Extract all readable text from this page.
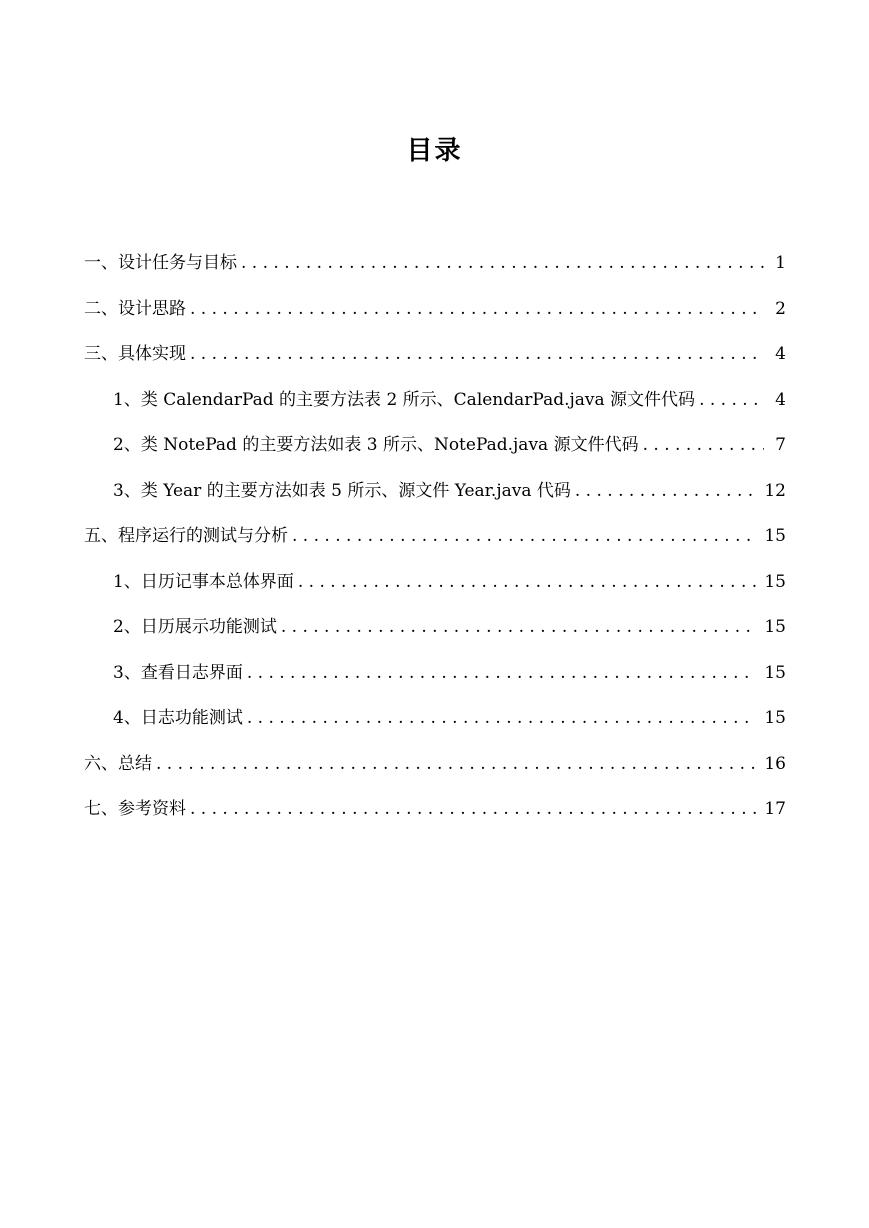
目录
一、设计任务与目标 . . .	1
二、设计思路 . . .	2
三、具体实现 . . .	4
1、类 CalendarPad 的主要方法表 2 所示、CalendarPad.java 源文件代码 . . .	4
2、类 NotePad 的主要方法如表 3 所示、NotePad.java 源文件代码 . . .	7
3、类 Year 的主要方法如表 5 所示、源文件 Year.java 代码 . . .	12
五、程序运行的测试与分析 . . .	15
1、日历记事本总体界面 . . .	15
2、日历展示功能测试 . . .	15
3、查看日志界面 . . .	15
4、日志功能测试 . . .	15
六、总结 . . .	16
七、参考资料 . . .	17
